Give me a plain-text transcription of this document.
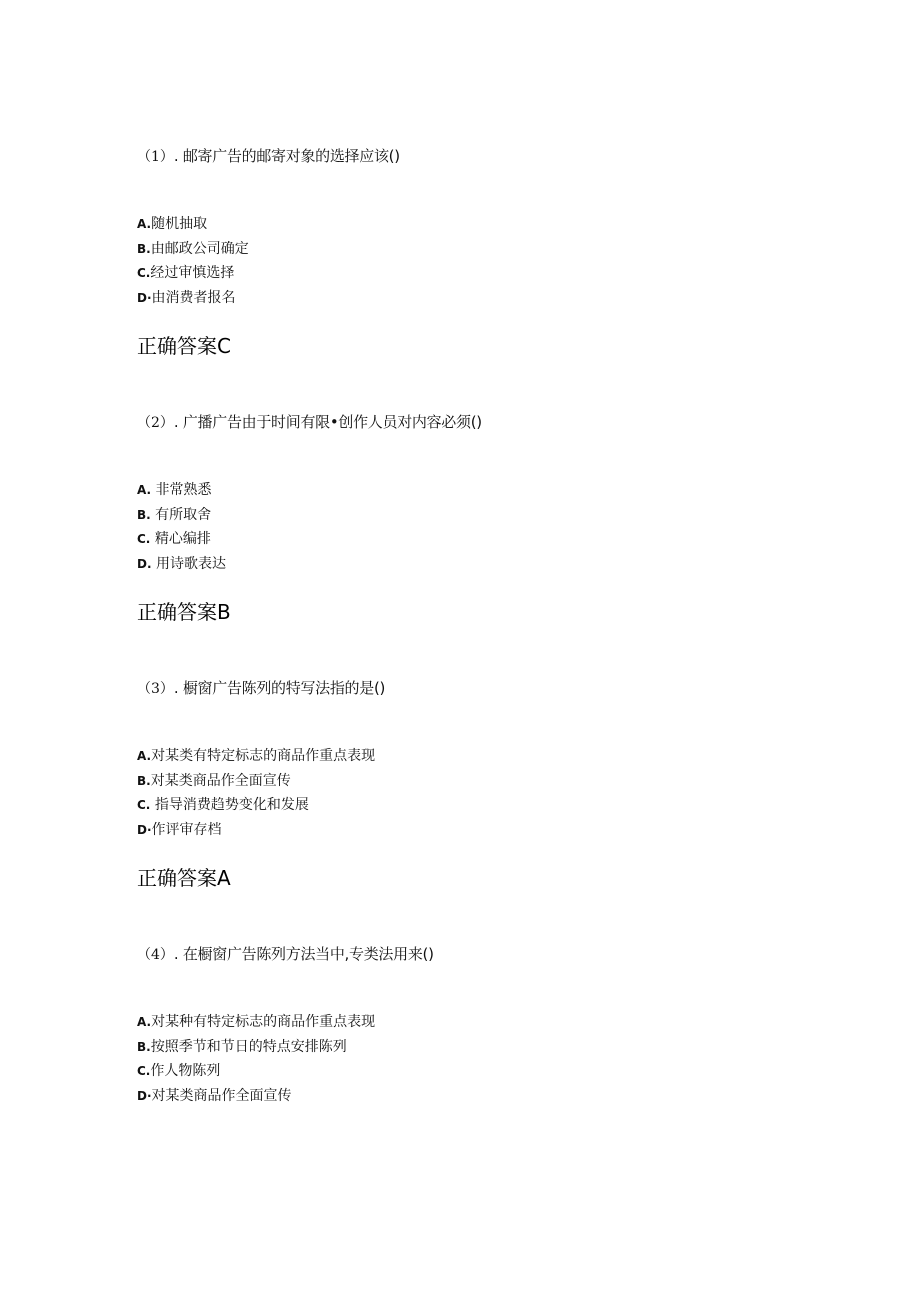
（1）. 邮寄广告的邮寄对象的选择应该()
A.随机抽取
B.由邮政公司确定
C.经过审慎选择
D·由消费者报名
正确答案C
（2）. 广播广告由于时间有限•创作人员对内容必须()
A. 非常熟悉
B. 有所取舍
C. 精心编排
D. 用诗歌表达
正确答案B
（3）. 橱窗广告陈列的特写法指的是()
A.对某类有特定标志的商品作重点表现
B.对某类商品作全面宣传
C. 指导消费趋势变化和发展
D·作评审存档
正确答案A
（4）. 在橱窗广告陈列方法当中,专类法用来()
A.对某种有特定标志的商品作重点表现
B.按照季节和节日的特点安排陈列
C.作人物陈列
D·对某类商品作全面宣传
